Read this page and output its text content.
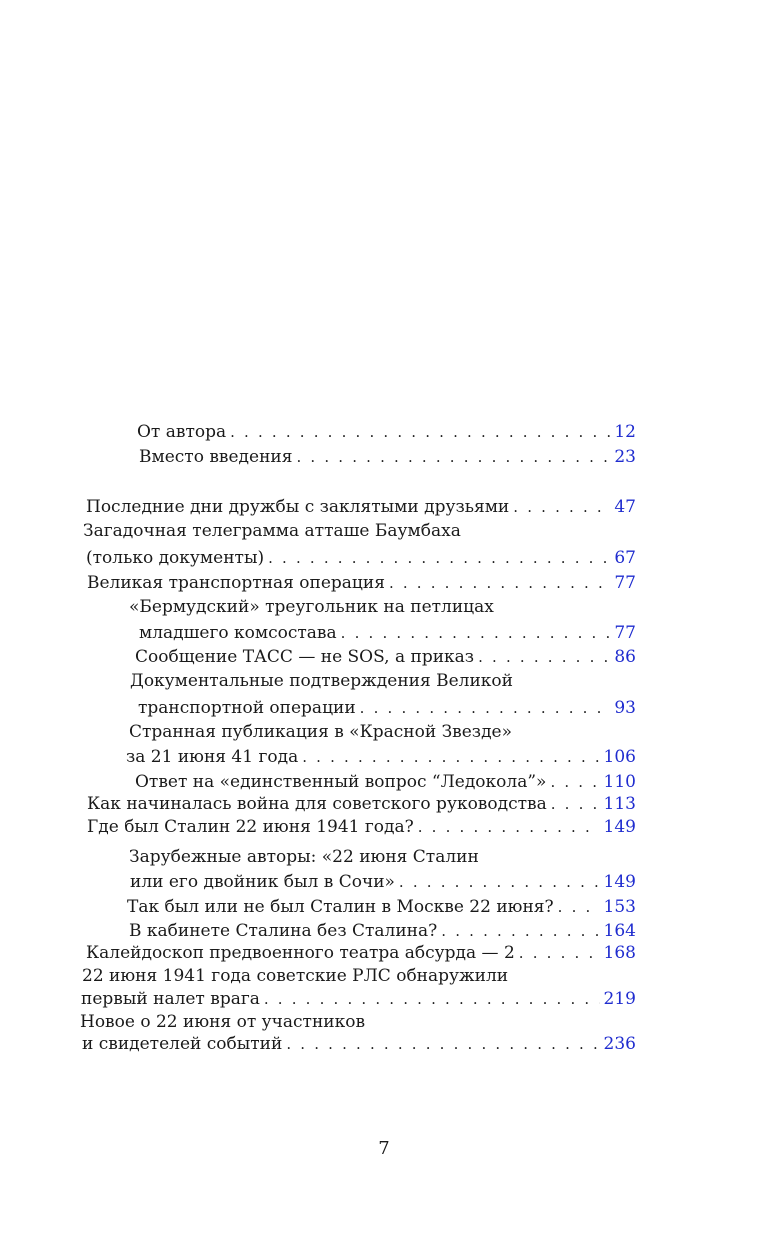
От автора . . .	12
Вместо введения . . .	23
Последние дни дружбы с заклятыми друзьями . . .	47
Загадочная телеграмма атташе Баумбаха
(только документы) . . .	67
Великая транспортная операция . . .	77
«Бермудский» треугольник на петлицах
младшего комсостава . . .	77
Сообщение ТАСС — не SOS, а приказ . . .	86
Документальные подтверждения Великой
транспортной операции . . .	93
Странная публикация в «Красной Звезде»
за 21 июня 41 года . . .	106
Ответ на «единственный вопрос “Ледокола”» . . .	110
Как начиналась война для советского руководства . . .	113
Где был Сталин 22 июня 1941 года? . . .	149
Зарубежные авторы: «22 июня Сталин
или его двойник был в Сочи» . . .	149
Так был или не был Сталин в Москве 22 июня? . . .	153
В кабинете Сталина без Сталина? . . .	164
Калейдоскоп предвоенного театра абсурда — 2 . . .	168
22 июня 1941 года советские РЛС обнаружили
первый налет врага . . .	219
Новое о 22 июня от участников
и свидетелей событий . . .	236
7
